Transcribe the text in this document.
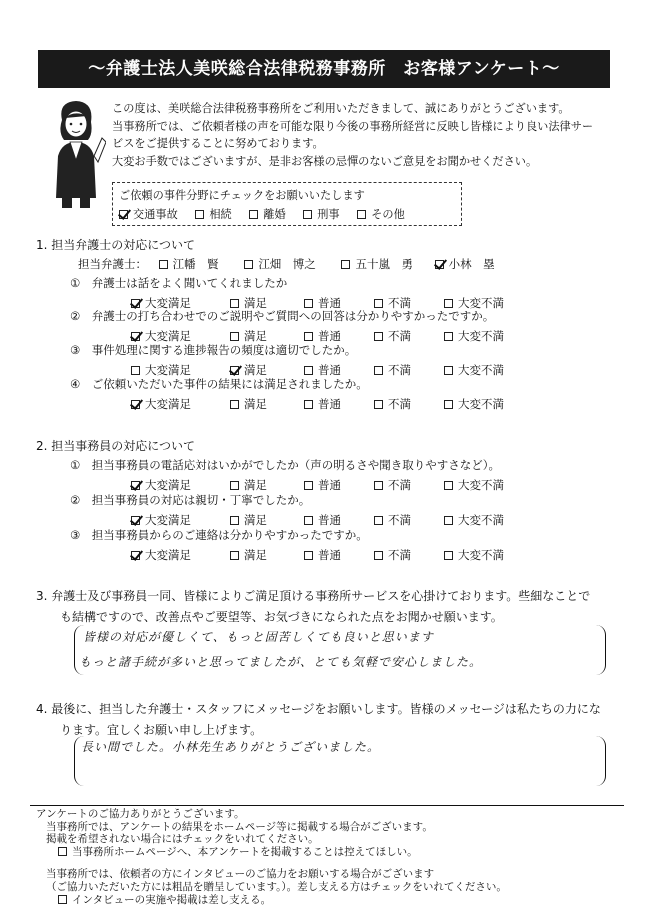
～弁護士法人美咲総合法律税務事務所　お客様アンケート～
この度は、美咲総合法律税務事務所をご利用いただきまして、誠にありがとうございます。
当事務所では、ご依頼者様の声を可能な限り今後の事務所経営に反映し皆様により良い法律サー
ビスをご提供することに努めております。
大変お手数ではございますが、是非お客様の忌憚のないご意見をお聞かせください。
ご依頼の事件分野にチェックをお願いいたします
交通事故	相続	離婚	刑事	その他
1. 担当弁護士の対応について
担当弁護士： 江幡　賢	江畑　博之	五十嵐　勇	小林　塁
①　弁護士は話をよく聞いてくれましたか
大変満足	満足	普通	不満	大変不満
②　弁護士の打ち合わせでのご説明やご質問への回答は分かりやすかったですか。
大変満足	満足	普通	不満	大変不満
③　事件処理に関する進捗報告の頻度は適切でしたか。
大変満足	満足	普通	不満	大変不満
④　ご依頼いただいた事件の結果には満足されましたか。
大変満足	満足	普通	不満	大変不満
①　担当事務員の電話応対はいかがでしたか（声の明るさや聞き取りやすさなど）。
大変満足	満足	普通	不満	大変不満
②　担当事務員の対応は親切・丁寧でしたか。
大変満足	満足	普通	不満	大変不満
③　担当事務員からのご連絡は分かりやすかったですか。
大変満足	満足	普通	不満	大変不満
2. 担当事務員の対応について
3. 弁護士及び事務員一同、皆様によりご満足頂ける事務所サービスを心掛けております。些細なことで
も結構ですので、改善点やご要望等、お気づきになられた点をお聞かせ願います。
皆様の対応が優しくて、もっと固苦しくても良いと思います
もっと諸手続が多いと思ってましたが、とても気軽で安心しました。
4. 最後に、担当した弁護士・スタッフにメッセージをお願いします。皆様のメッセージは私たちの力にな
ります。宜しくお願い申し上げます。
長い間でした。小林先生ありがとうございました。
アンケートのご協力ありがとうございます。
当事務所では、アンケートの結果をホームページ等に掲載する場合がございます。
掲載を希望されない場合にはチェックをいれてください。
当事務所ホームページへ、本アンケートを掲載することは控えてほしい。
当事務所では、依頼者の方にインタビューのご協力をお願いする場合がございます
（ご協力いただいた方には粗品を贈呈しています。）。差し支える方はチェックをいれてください。
インタビューの実施や掲載は差し支える。
